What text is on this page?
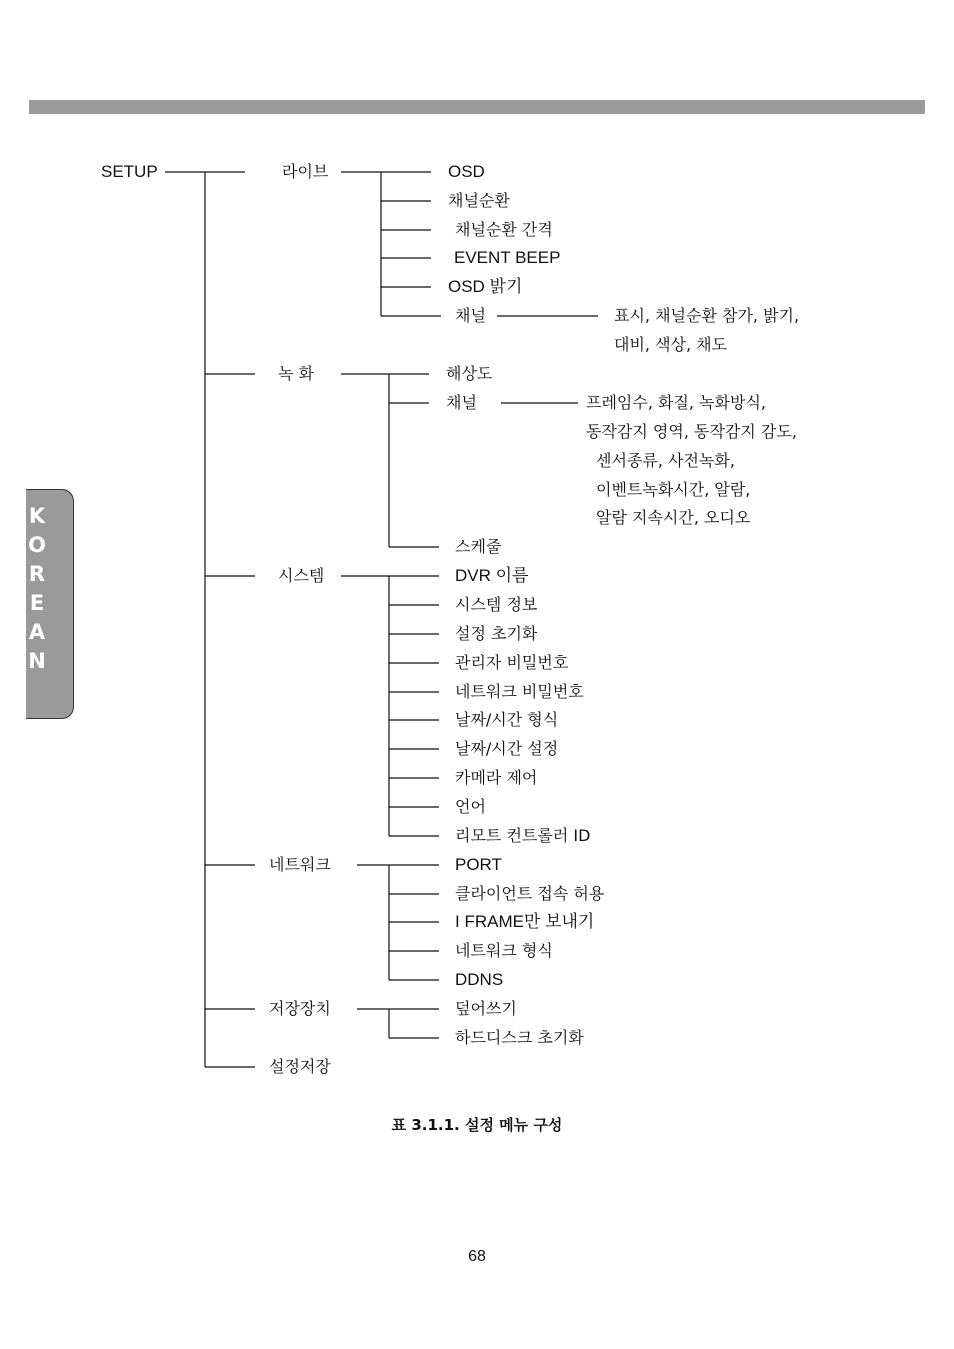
K
O
R
E
A
N
SETUP	라이브
녹 화
시스템
네트워크
저장장치
설정저장
OSD
채널순환
채널순환 간격
EVENT BEEP
OSD 밝기
채널	표시, 채널순환 참가, 밝기,
대비, 색상, 채도
해상도
채널
스케줄
프레임수, 화질, 녹화방식,
동작감지 영역, 동작감지 감도,
센서종류, 사전녹화,
이벤트녹화시간, 알람,
알람 지속시간, 오디오
DVR 이름
시스템 정보
설정 초기화
관리자 비밀번호
네트워크 비밀번호
날짜/시간 형식
날짜/시간 설정
카메라 제어
언어
리모트 컨트롤러 ID
PORT
클라이언트 접속 허용
I FRAME만 보내기
네트워크 형식
DDNS
덮어쓰기
하드디스크 초기화
표 3.1.1. 설정 메뉴 구성
68
